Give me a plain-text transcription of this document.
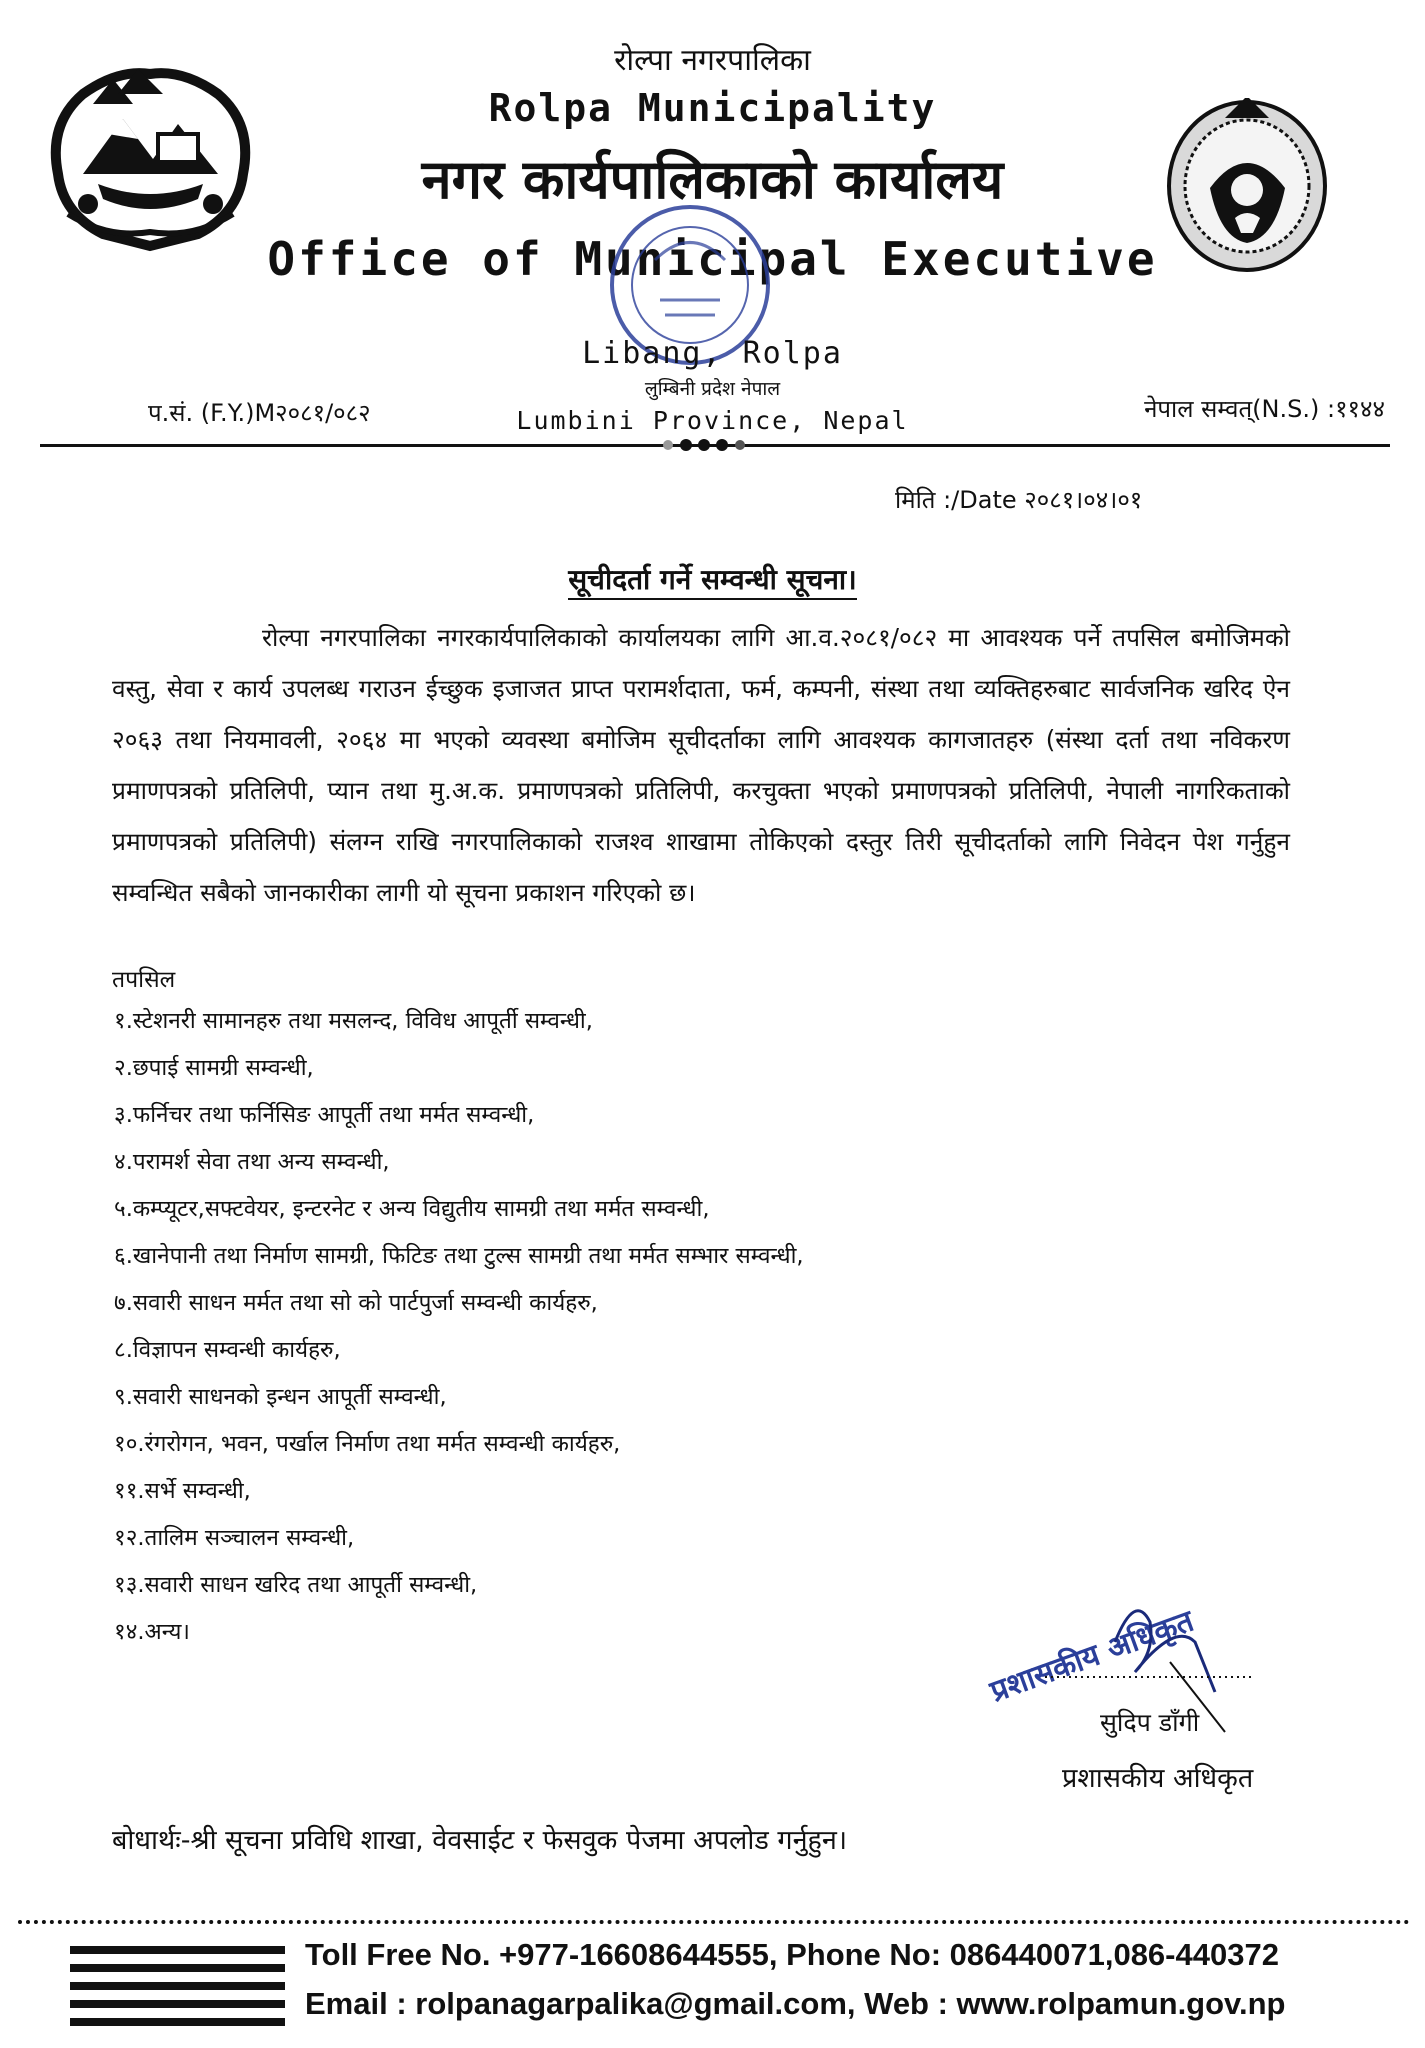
रोल्पा नगरपालिका
Rolpa Municipality
नगर कार्यपालिकाको कार्यालय
Office of Municipal Executive
Libang, Rolpa
लुम्बिनी प्रदेश नेपाल
Lumbini Province, Nepal
प.सं. (F.Y.)M२०८१/०८२	नेपाल सम्वत्(N.S.) :११४४
मिति :/Date २०८१।०४।०१
सूचीदर्ता गर्ने सम्वन्धी सूचना।
रोल्पा नगरपालिका नगरकार्यपालिकाको कार्यालयका लागि आ.व.२०८१/०८२ मा आवश्यक पर्ने तपसिल बमोजिमको वस्तु, सेवा र कार्य उपलब्ध गराउन ईच्छुक इजाजत प्राप्त परामर्शदाता, फर्म, कम्पनी, संस्था तथा व्यक्तिहरुबाट सार्वजनिक खरिद ऐन २०६३ तथा नियमावली, २०६४ मा भएको व्यवस्था बमोजिम सूचीदर्ताका लागि आवश्यक कागजातहरु (संस्था दर्ता तथा नविकरण प्रमाणपत्रको प्रतिलिपी, प्यान तथा मु.अ.क. प्रमाणपत्रको प्रतिलिपी, करचुक्ता भएको प्रमाणपत्रको प्रतिलिपी, नेपाली नागरिकताको प्रमाणपत्रको प्रतिलिपी) संलग्न राखि नगरपालिकाको राजश्व शाखामा तोकिएको दस्तुर तिरी सूचीदर्ताको लागि निवेदन पेश गर्नुहुन सम्वन्धित सबैको जानकारीका लागी यो सूचना प्रकाशन गरिएको छ।
तपसिल
१.स्टेशनरी सामानहरु तथा मसलन्द, विविध आपूर्ती सम्वन्धी,
२.छपाई सामग्री सम्वन्धी,
३.फर्निचर तथा फर्निसिङ आपूर्ती तथा मर्मत सम्वन्धी,
४.परामर्श सेवा तथा अन्य सम्वन्धी,
५.कम्प्यूटर,सफ्टवेयर, इन्टरनेट र अन्य विद्युतीय सामग्री तथा मर्मत सम्वन्धी,
६.खानेपानी तथा निर्माण सामग्री, फिटिङ तथा टुल्स सामग्री तथा मर्मत सम्भार सम्वन्धी,
७.सवारी साधन मर्मत तथा सो को पार्टपुर्जा सम्वन्धी कार्यहरु,
८.विज्ञापन सम्वन्धी कार्यहरु,
९.सवारी साधनको इन्धन आपूर्ती सम्वन्धी,
१०.रंगरोगन, भवन, पर्खाल निर्माण तथा मर्मत सम्वन्धी कार्यहरु,
११.सर्भे सम्वन्धी,
१२.तालिम सञ्चालन सम्वन्धी,
१३.सवारी साधन खरिद तथा आपूर्ती सम्वन्धी,
१४.अन्य।	प्रशासकीय अधिकृत
सुदिप डाँगी
प्रशासकीय अधिकृत
बोधार्थः-श्री सूचना प्रविधि शाखा, वेवसाईट र फेसवुक पेजमा अपलोड गर्नुहुन।
Toll Free No. +977-16608644555, Phone No: 086440071,086-440372
Email : rolpanagarpalika@gmail.com, Web : www.rolpamun.gov.np
